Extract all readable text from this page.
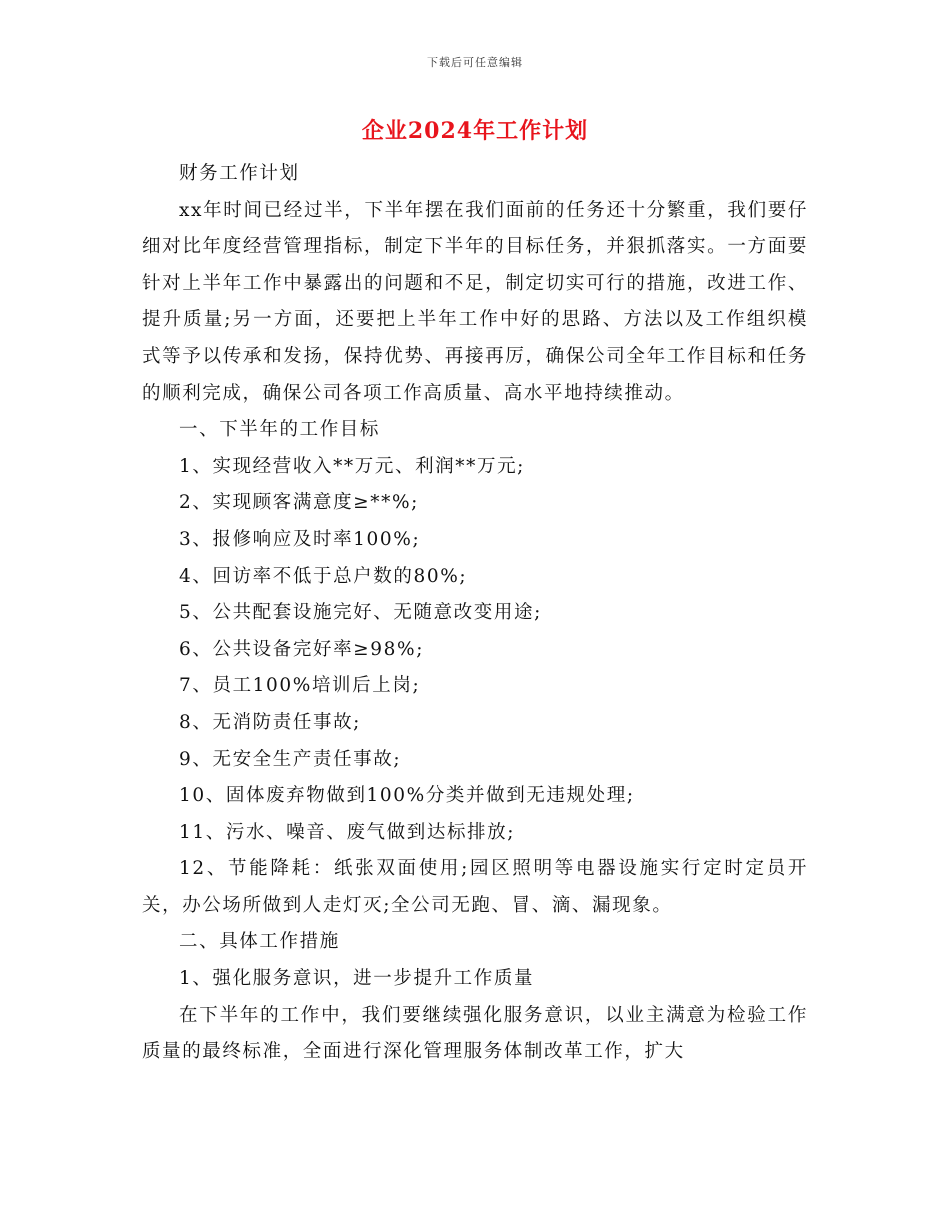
下载后可任意编辑
企业2024年工作计划

财务工作计划

xx年时间已经过半，下半年摆在我们面前的任务还十分繁重，我们要仔细对比年度经营管理指标，制定下半年的目标任务，并狠抓落实。一方面要针对上半年工作中暴露出的问题和不足，制定切实可行的措施，改进工作、提升质量;另一方面，还要把上半年工作中好的思路、方法以及工作组织模式等予以传承和发扬，保持优势、再接再厉，确保公司全年工作目标和任务的顺利完成，确保公司各项工作高质量、高水平地持续推动。

一、下半年的工作目标

1、实现经营收入**万元、利润**万元;

2、实现顾客满意度≥**%;

3、报修响应及时率100%;

4、回访率不低于总户数的80%;

5、公共配套设施完好、无随意改变用途;

6、公共设备完好率≥98%;

7、员工100%培训后上岗;

8、无消防责任事故;

9、无安全生产责任事故;

10、固体废弃物做到100%分类并做到无违规处理;

11、污水、噪音、废气做到达标排放;

12、节能降耗：纸张双面使用;园区照明等电器设施实行定时定员开关，办公场所做到人走灯灭;全公司无跑、冒、滴、漏现象。

二、具体工作措施

1、强化服务意识，进一步提升工作质量

在下半年的工作中，我们要继续强化服务意识，以业主满意为检验工作质量的最终标准，全面进行深化管理服务体制改革工作，扩大
